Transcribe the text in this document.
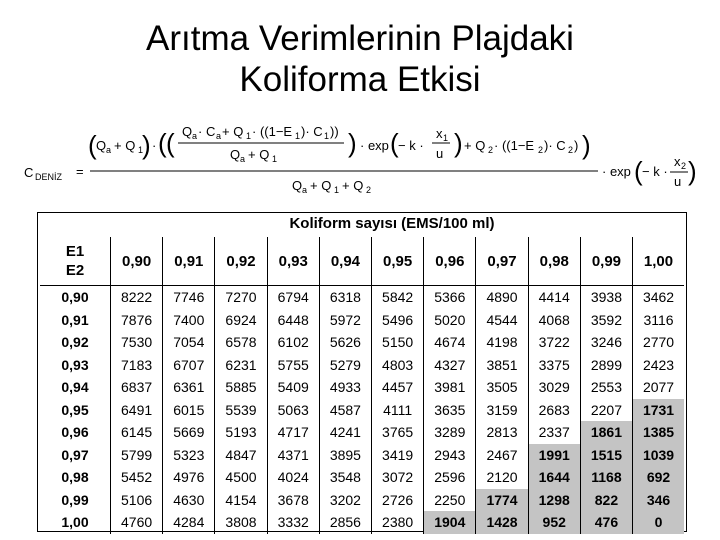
Arıtma Verimlerinin Plajdaki
Koliforma Etkisi
C DENİZ =
( Q a + Q 1
) · ( ( Q a · C a + Q 1 · ((1−E 1 )· C 1 ))
Q a + Q 1
) · exp ( − k ·
x 1
u ) + Q 2 · ((1−E 2 )· C 2 ) )
Q a + Q 1 + Q 2
· exp ( − k ·
x 2
u )
Koliform sayısı (EMS/100 ml)
E1
E2	0,90	0,91	0,92	0,93	0,94	0,95	0,96	0,97	0,98	0,99	1,00
0,90	8222	7746	7270	6794	6318	5842	5366	4890	4414	3938	3462
0,91	7876	7400	6924	6448	5972	5496	5020	4544	4068	3592	3116
0,92	7530	7054	6578	6102	5626	5150	4674	4198	3722	3246	2770
0,93	7183	6707	6231	5755	5279	4803	4327	3851	3375	2899	2423
0,94	6837	6361	5885	5409	4933	4457	3981	3505	3029	2553	2077
0,95	6491	6015	5539	5063	4587	4111	3635	3159	2683	2207	1731
0,96	6145	5669	5193	4717	4241	3765	3289	2813	2337	1861	1385
0,97	5799	5323	4847	4371	3895	3419	2943	2467	1991	1515	1039
0,98	5452	4976	4500	4024	3548	3072	2596	2120	1644	1168	692
0,99	5106	4630	4154	3678	3202	2726	2250	1774	1298	822	346
1,00	4760	4284	3808	3332	2856	2380	1904	1428	952	476	0
